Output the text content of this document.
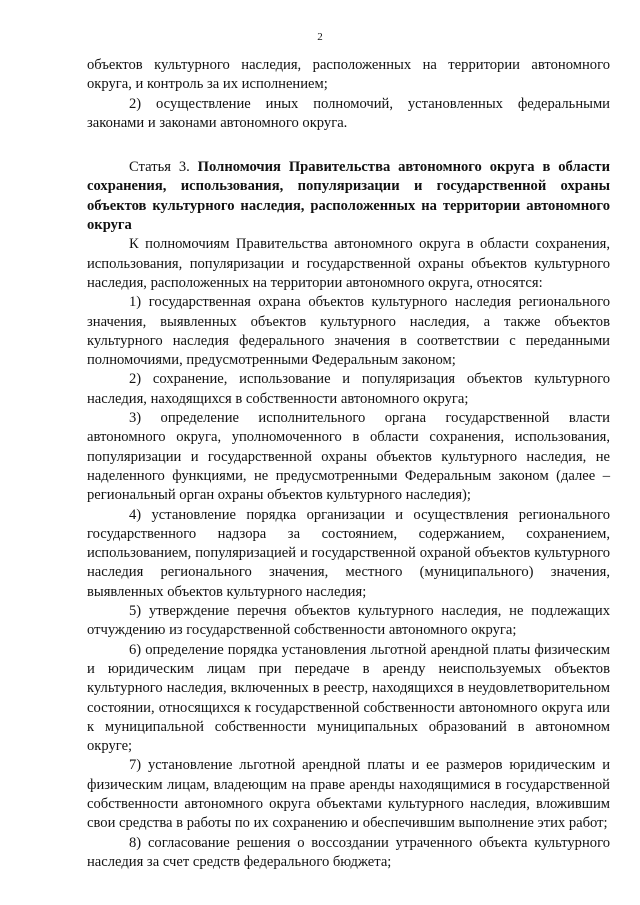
2

объектов культурного наследия, расположенных на территории автономного округа, и контроль за их исполнением;

2) осуществление иных полномочий, установленных федеральными законами и законами автономного округа.

Статья 3. Полномочия Правительства автономного округа в области сохранения, использования, популяризации и государственной охраны объектов культурного наследия, расположенных на территории автономного округа

К полномочиям Правительства автономного округа в области сохранения, использования, популяризации и государственной охраны объектов культурного наследия, расположенных на территории автономного округа, относятся:

1) государственная охрана объектов культурного наследия регионального значения, выявленных объектов культурного наследия, а также объектов культурного наследия федерального значения в соответствии с переданными полномочиями, предусмотренными Федеральным законом;

2) сохранение, использование и популяризация объектов культурного наследия, находящихся в собственности автономного округа;

3) определение исполнительного органа государственной власти автономного округа, уполномоченного в области сохранения, использования, популяризации и государственной охраны объектов культурного наследия, не наделенного функциями, не предусмотренными Федеральным законом (далее – региональный орган охраны объектов культурного наследия);

4) установление порядка организации и осуществления регионального государственного надзора за состоянием, содержанием, сохранением, использованием, популяризацией и государственной охраной объектов культурного наследия регионального значения, местного (муниципального) значения, выявленных объектов культурного наследия;

5) утверждение перечня объектов культурного наследия, не подлежащих отчуждению из государственной собственности автономного округа;

6) определение порядка установления льготной арендной платы физическим и юридическим лицам при передаче в аренду неиспользуемых объектов культурного наследия, включенных в реестр, находящихся в неудовлетворительном состоянии, относящихся к государственной собственности автономного округа или к муниципальной собственности муниципальных образований в автономном округе;

7) установление льготной арендной платы и ее размеров юридическим и физическим лицам, владеющим на праве аренды находящимися в государственной собственности автономного округа объектами культурного наследия, вложившим свои средства в работы по их сохранению и обеспечившим выполнение этих работ;

8) согласование решения о воссоздании утраченного объекта культурного наследия за счет средств федерального бюджета;
